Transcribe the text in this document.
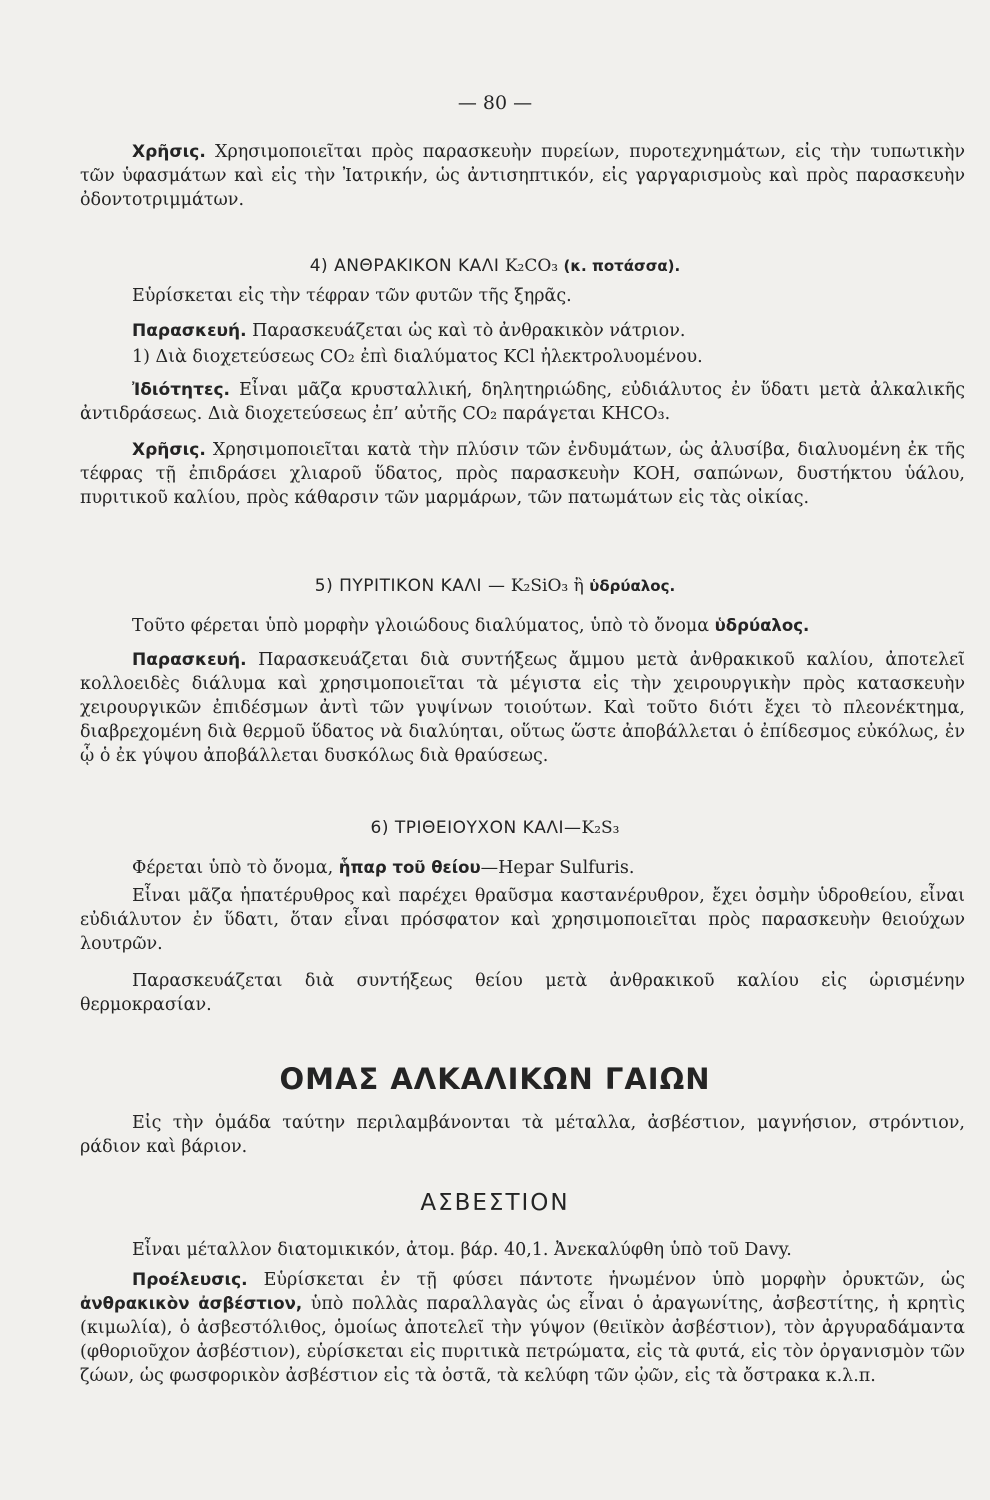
— 80 —

Χρῆσις. Χρησιμοποιεῖται πρὸς παρασκευὴν πυρείων, πυροτεχνημάτων, εἰς τὴν τυπωτικὴν τῶν ὑφασμάτων καὶ εἰς τὴν Ἰατρικήν, ὡς ἀντισηπτικόν, εἰς γαργαρισμοὺς καὶ πρὸς παρασκευὴν ὀδοντοτριμμάτων.

4) ΑΝΘΡΑΚΙΚΟΝ ΚΑΛΙ K₂CO₃ (κ. ποτάσσα).

Εὑρίσκεται εἰς τὴν τέφραν τῶν φυτῶν τῆς ξηρᾶς.

Παρασκευή. Παρασκευάζεται ὡς καὶ τὸ ἀνθρακικὸν νάτριον.

1) Διὰ διοχετεύσεως CO₂ ἐπὶ διαλύματος KCl ἠλεκτρολυομένου.

Ἰδιότητες. Εἶναι μᾶζα κρυσταλλική, δηλητηριώδης, εὐδιάλυτος ἐν ὕδατι μετὰ ἀλκαλικῆς ἀντιδράσεως. Διὰ διοχετεύσεως ἐπ’ αὐτῆς CO₂ παράγεται KHCO₃.

Χρῆσις. Χρησιμοποιεῖται κατὰ τὴν πλύσιν τῶν ἐνδυμάτων, ὡς ἀλυσίβα, διαλυομένη ἐκ τῆς τέφρας τῇ ἐπιδράσει χλιαροῦ ὕδατος, πρὸς παρασκευὴν KOH, σαπώνων, δυστήκτου ὑάλου, πυριτικοῦ καλίου, πρὸς κάθαρσιν τῶν μαρμάρων, τῶν πατωμάτων εἰς τὰς οἰκίας.

5) ΠΥΡΙΤΙΚΟΝ ΚΑΛΙ — K₂SiO₃ ἢ ὑδρύαλος.

Τοῦτο φέρεται ὑπὸ μορφὴν γλοιώδους διαλύματος, ὑπὸ τὸ ὄνομα ὑδρύαλος.

Παρασκευή. Παρασκευάζεται διὰ συντήξεως ἄμμου μετὰ ἀνθρακικοῦ καλίου, ἀποτελεῖ κολλοειδὲς διάλυμα καὶ χρησιμοποιεῖται τὰ μέγιστα εἰς τὴν χειρουργικὴν πρὸς κατασκευὴν χειρουργικῶν ἐπιδέσμων ἀντὶ τῶν γυψίνων τοιούτων. Καὶ τοῦτο διότι ἔχει τὸ πλεονέκτημα, διαβρεχομένη διὰ θερμοῦ ὕδατος νὰ διαλύηται, οὕτως ὥστε ἀποβάλλεται ὁ ἐπίδεσμος εὐκόλως, ἐν ᾧ ὁ ἐκ γύψου ἀποβάλλεται δυσκόλως διὰ θραύσεως.

6) ΤΡΙΘΕΙΟΥΧΟΝ ΚΑΛΙ—K₂S₃

Φέρεται ὑπὸ τὸ ὄνομα, ἧπαρ τοῦ θείου—Hepar Sulfuris.

Εἶναι μᾶζα ἡπατέρυθρος καὶ παρέχει θραῦσμα καστανέρυθρον, ἔχει ὀσμὴν ὑδροθείου, εἶναι εὐδιάλυτον ἐν ὕδατι, ὅταν εἶναι πρόσφατον καὶ χρησιμοποιεῖται πρὸς παρασκευὴν θειούχων λουτρῶν.

Παρασκευάζεται διὰ συντήξεως θείου μετὰ ἀνθρακικοῦ καλίου εἰς ὡρισμένην θερμοκρασίαν.

ΟΜΑΣ ΑΛΚΑΛΙΚΩΝ ΓΑΙΩΝ

Εἰς τὴν ὁμάδα ταύτην περιλαμβάνονται τὰ μέταλλα, ἀσβέστιον, μαγνήσιον, στρόντιον, ράδιον καὶ βάριον.

ΑΣΒΕΣΤΙΟΝ

Εἶναι μέταλλον διατομικικόν, ἀτομ. βάρ. 40,1. Ἀνεκαλύφθη ὑπὸ τοῦ Davy.

Προέλευσις. Εὑρίσκεται ἐν τῇ φύσει πάντοτε ἡνωμένον ὑπὸ μορφὴν ὀρυκτῶν, ὡς ἀνθρακικὸν ἀσβέστιον, ὑπὸ πολλὰς παραλλαγὰς ὡς εἶναι ὁ ἀραγωνίτης, ἀσβεστίτης, ἡ κρητὶς (κιμωλία), ὁ ἀσβεστόλιθος, ὁμοίως ἀποτελεῖ τὴν γύψον (θειϊκὸν ἀσβέστιον), τὸν ἀργυραδάμαντα (φθοριοῦχον ἀσβέστιον), εὑρίσκεται εἰς πυριτικὰ πετρώματα, εἰς τὰ φυτά, εἰς τὸν ὀργανισμὸν τῶν ζώων, ὡς φωσφορικὸν ἀσβέστιον εἰς τὰ ὀστᾶ, τὰ κελύφη τῶν ᾠῶν, εἰς τὰ ὄστρακα κ.λ.π.
